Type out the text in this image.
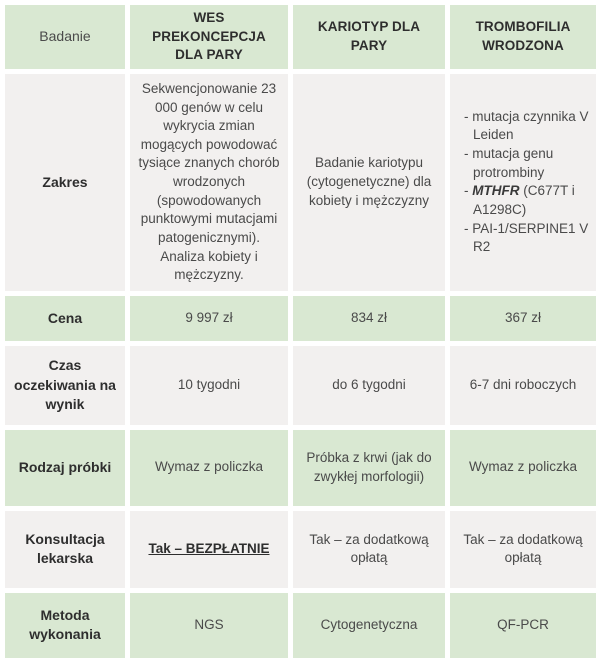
Badanie	WES PREKONCEPCJA DLA PARY	KARIOTYP DLA PARY	TROMBOFILIA WRODZONA
Zakres	Sekwencjonowanie 23 000 genów w celu wykrycia zmian mogących powodować tysiące znanych chorób wrodzonych (spowodowanych punktowymi mutacjami patogenicznymi). Analiza kobiety i mężczyzny.	Badanie kariotypu (cytogenetyczne) dla kobiety i mężczyzny	- mutacja czynnika V Leiden
- mutacja genu protrombiny
- MTHFR (C677T i A1298C)
- PAI-1/SERPINE1 V R2

Cena	9 997 zł	834 zł	367 zł
Czas oczekiwania na wynik	10 tygodni	do 6 tygodni	6-7 dni roboczych
Rodzaj próbki	Wymaz z policzka	Próbka z krwi (jak do zwykłej morfologii)	Wymaz z policzka
Konsultacja lekarska	Tak – BEZPŁATNIE	Tak – za dodatkową opłatą	Tak – za dodatkową opłatą
Metoda wykonania	NGS	Cytogenetyczna	QF-PCR
